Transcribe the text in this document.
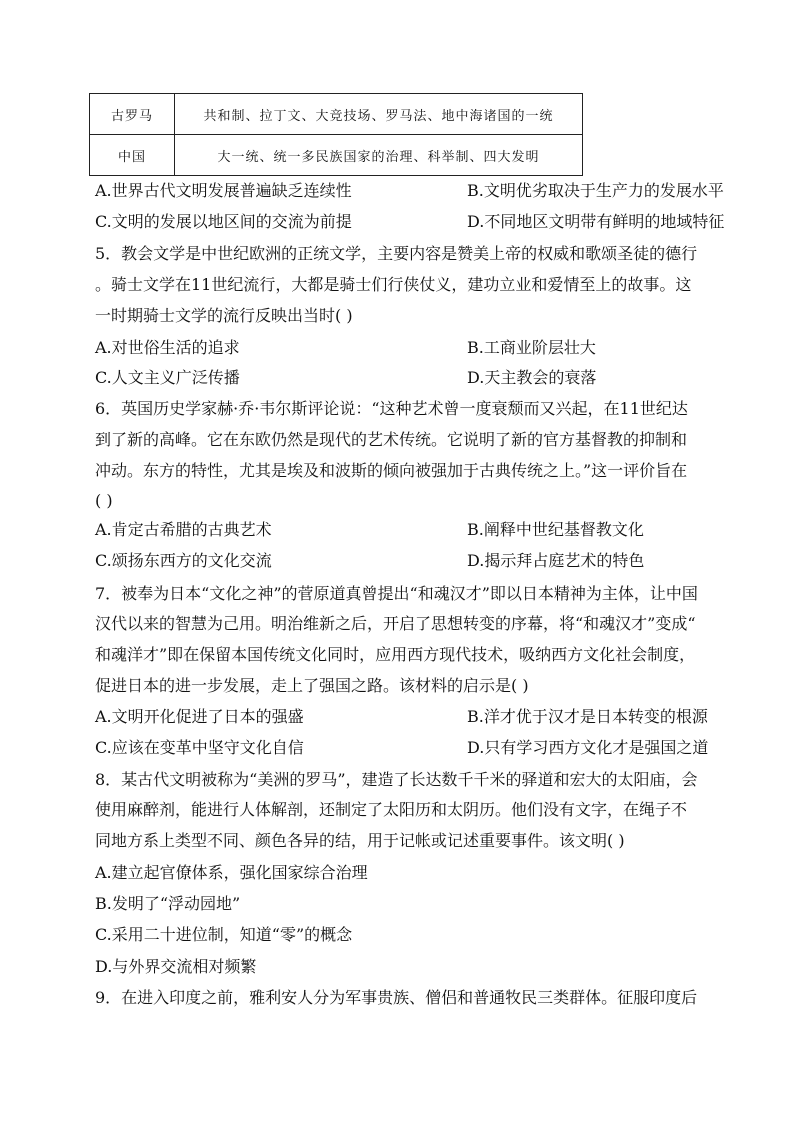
古罗马	共和制、拉丁文、大竞技场、罗马法、地中海诸国的一统
中国	大一统、统一多民族国家的治理、科举制、四大发明
A.世界古代文明发展普遍缺乏连续性	B.文明优劣取决于生产力的发展水平
C.文明的发展以地区间的交流为前提	D.不同地区文明带有鲜明的地域特征
5．教会文学是中世纪欧洲的正统文学，主要内容是赞美上帝的权威和歌颂圣徒的德行
。骑士文学在11世纪流行，大都是骑士们行侠仗义，建功立业和爱情至上的故事。这
一时期骑士文学的流行反映出当时( )
A.对世俗生活的追求	B.工商业阶层壮大
C.人文主义广泛传播	D.天主教会的衰落
6．英国历史学家赫·乔·韦尔斯评论说：“这种艺术曾一度衰颓而又兴起，在11世纪达
到了新的高峰。它在东欧仍然是现代的艺术传统。它说明了新的官方基督教的抑制和
冲动。东方的特性，尤其是埃及和波斯的倾向被强加于古典传统之上。”这一评价旨在
( )
A.肯定古希腊的古典艺术	B.阐释中世纪基督教文化
C.颂扬东西方的文化交流	D.揭示拜占庭艺术的特色
7．被奉为日本“文化之神”的菅原道真曾提出“和魂汉才”即以日本精神为主体，让中国
汉代以来的智慧为己用。明治维新之后，开启了思想转变的序幕，将“和魂汉才”变成“
和魂洋才”即在保留本国传统文化同时，应用西方现代技术，吸纳西方文化社会制度，
促进日本的进一步发展，走上了强国之路。该材料的启示是( )
A.文明开化促进了日本的强盛	B.洋才优于汉才是日本转变的根源
C.应该在变革中坚守文化自信	D.只有学习西方文化才是强国之道
8．某古代文明被称为“美洲的罗马”，建造了长达数千千米的驿道和宏大的太阳庙，会
使用麻醉剂，能进行人体解剖，还制定了太阳历和太阴历。他们没有文字，在绳子不
同地方系上类型不同、颜色各异的结，用于记帐或记述重要事件。该文明( )
A.建立起官僚体系，强化国家综合治理
B.发明了“浮动园地”
C.采用二十进位制，知道“零”的概念
D.与外界交流相对频繁
9．在进入印度之前，雅利安人分为军事贵族、僧侣和普通牧民三类群体。征服印度后
